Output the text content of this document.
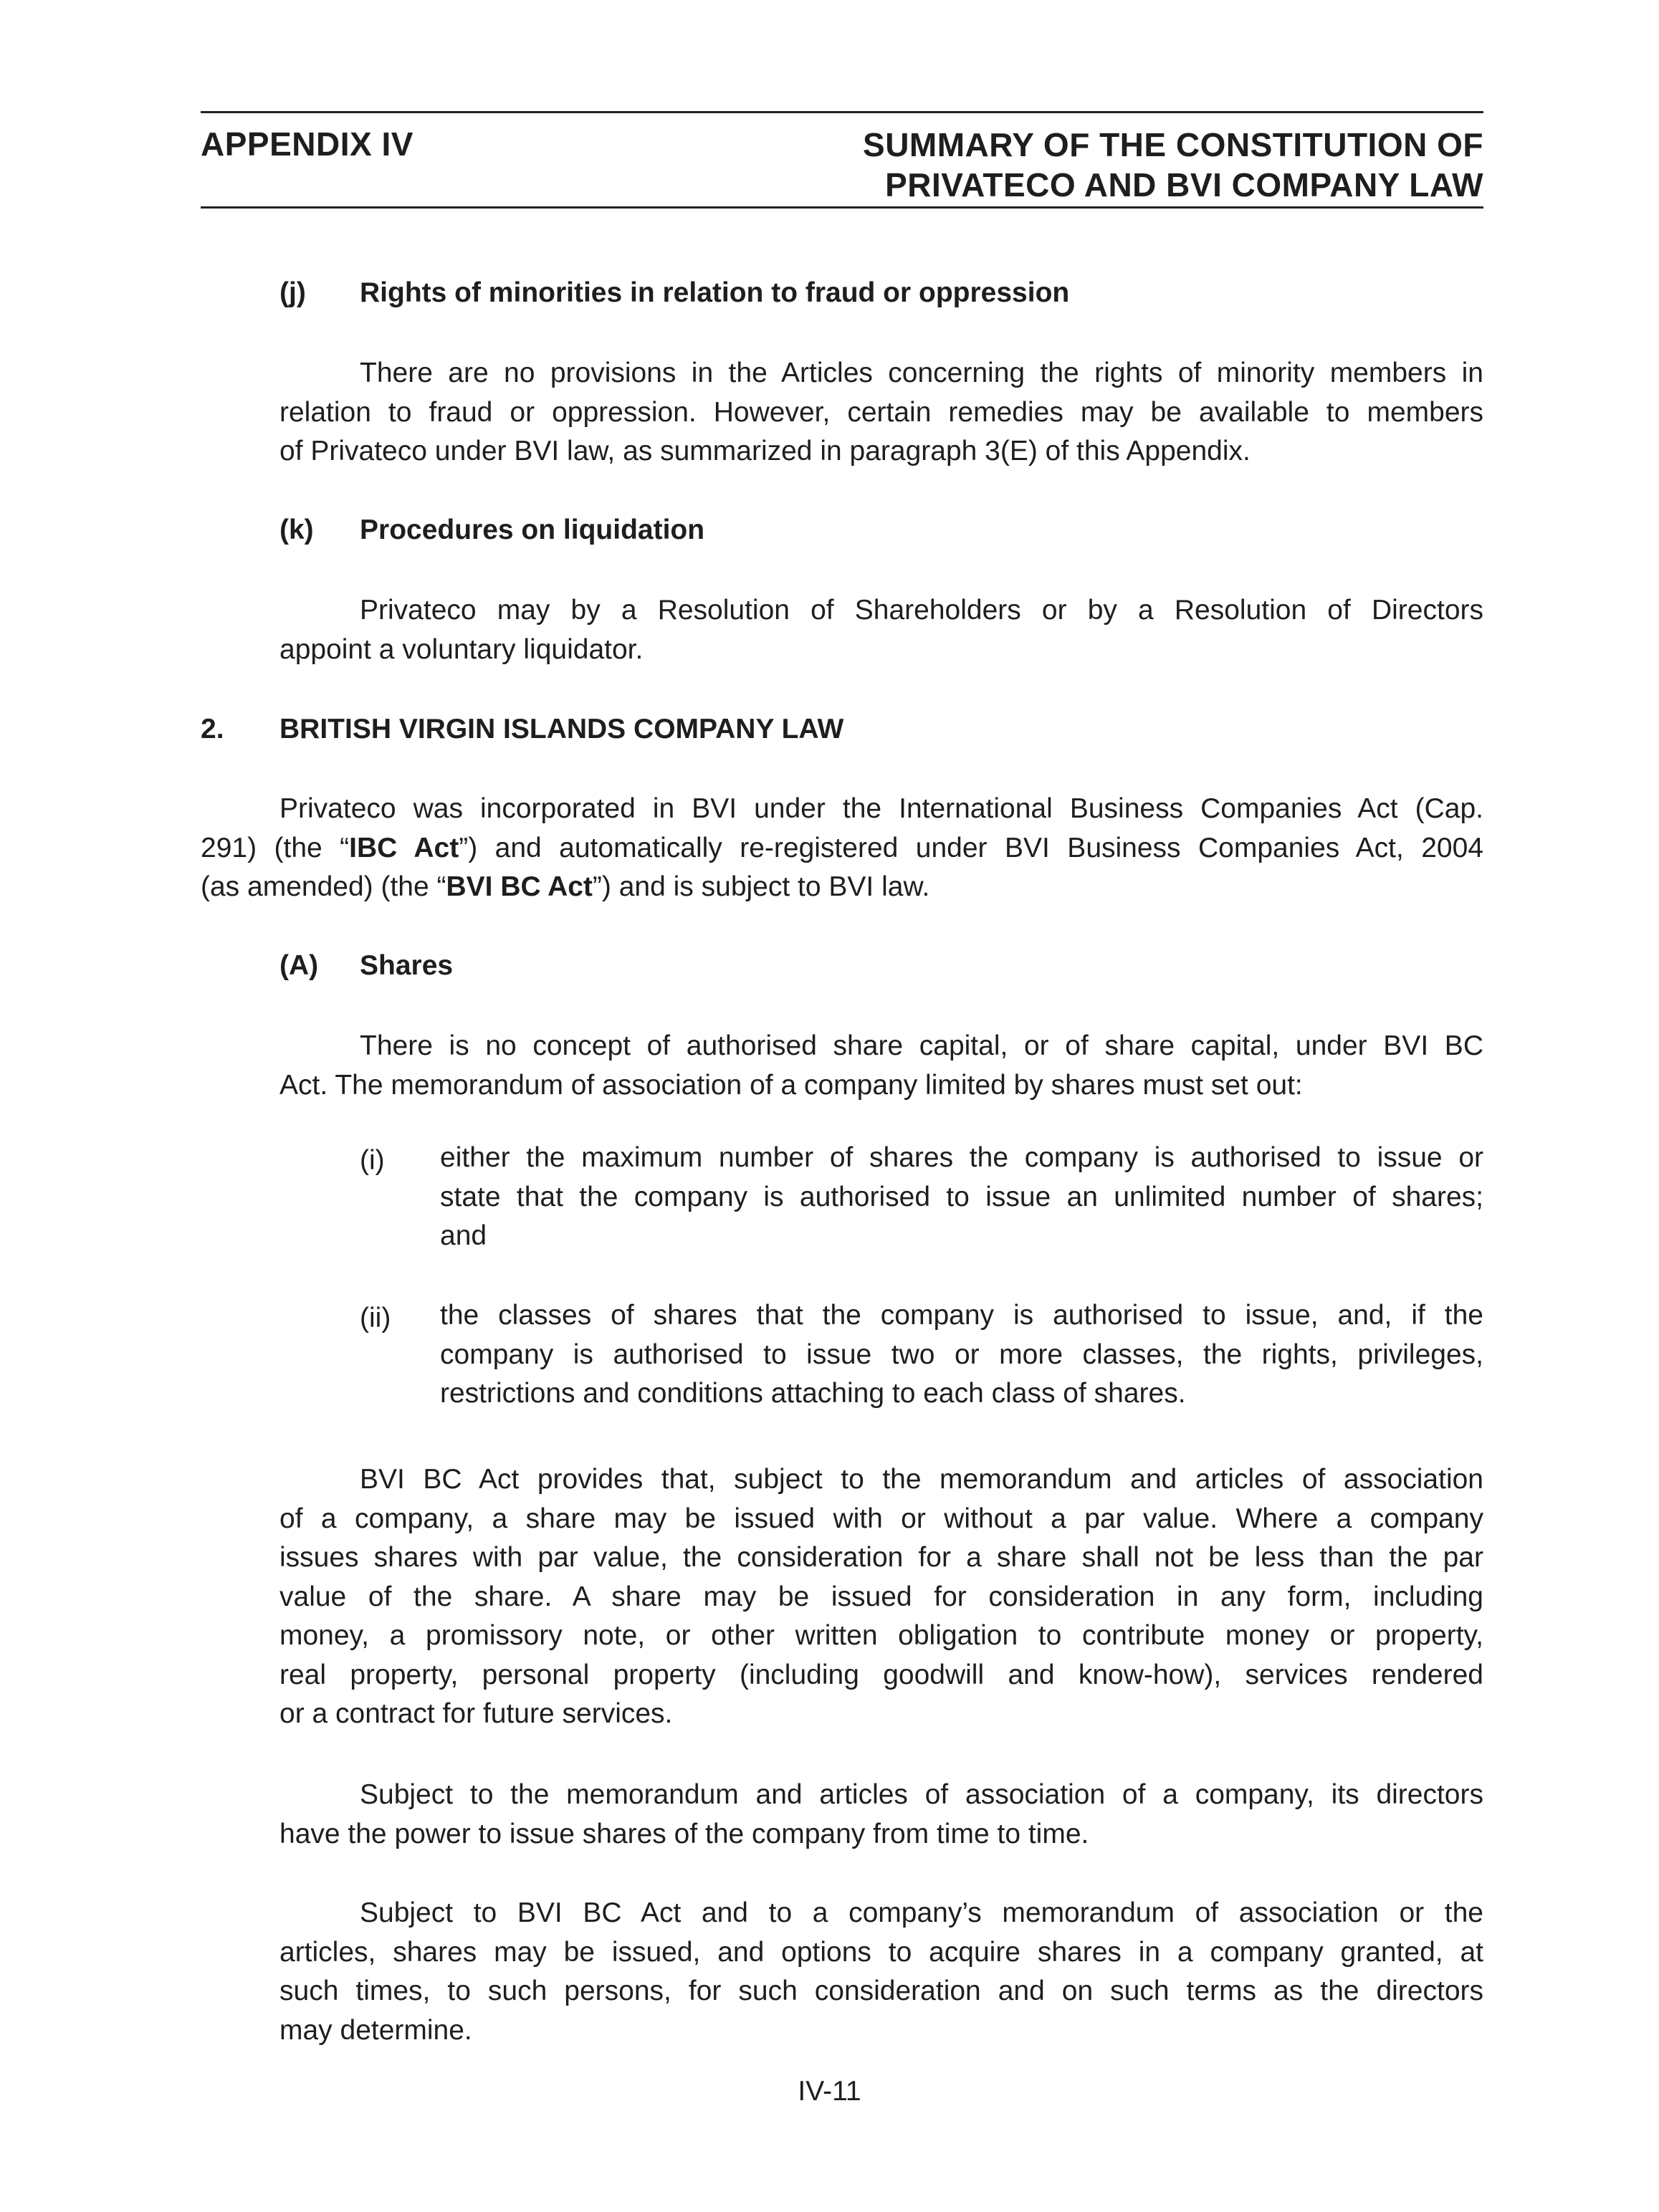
APPENDIX IV	SUMMARY OF THE CONSTITUTION OF
PRIVATECO AND BVI COMPANY LAW
(j) Rights of minorities in relation to fraud or oppression
There are no provisions in the Articles concerning the rights of minority members in
relation to fraud or oppression. However, certain remedies may be available to members
of Privateco under BVI law, as summarized in paragraph 3(E) of this Appendix.
(k) Procedures on liquidation
Privateco may by a Resolution of Shareholders or by a Resolution of Directors
appoint a voluntary liquidator.
2. BRITISH VIRGIN ISLANDS COMPANY LAW
Privateco was incorporated in BVI under the International Business Companies Act (Cap.
291) (the “IBC Act”) and automatically re-registered under BVI Business Companies Act, 2004
(as amended) (the “BVI BC Act”) and is subject to BVI law.
(A) Shares
There is no concept of authorised share capital, or of share capital, under BVI BC
Act. The memorandum of association of a company limited by shares must set out:
(i) either the maximum number of shares the company is authorised to issue or
state that the company is authorised to issue an unlimited number of shares;
and
(ii) the classes of shares that the company is authorised to issue, and, if the
company is authorised to issue two or more classes, the rights, privileges,
restrictions and conditions attaching to each class of shares.
BVI BC Act provides that, subject to the memorandum and articles of association
of a company, a share may be issued with or without a par value. Where a company
issues shares with par value, the consideration for a share shall not be less than the par
value of the share. A share may be issued for consideration in any form, including
money, a promissory note, or other written obligation to contribute money or property,
real property, personal property (including goodwill and know-how), services rendered
or a contract for future services.
Subject to the memorandum and articles of association of a company, its directors
have the power to issue shares of the company from time to time.
Subject to BVI BC Act and to a company’s memorandum of association or the
articles, shares may be issued, and options to acquire shares in a company granted, at
such times, to such persons, for such consideration and on such terms as the directors
may determine.
IV-11
